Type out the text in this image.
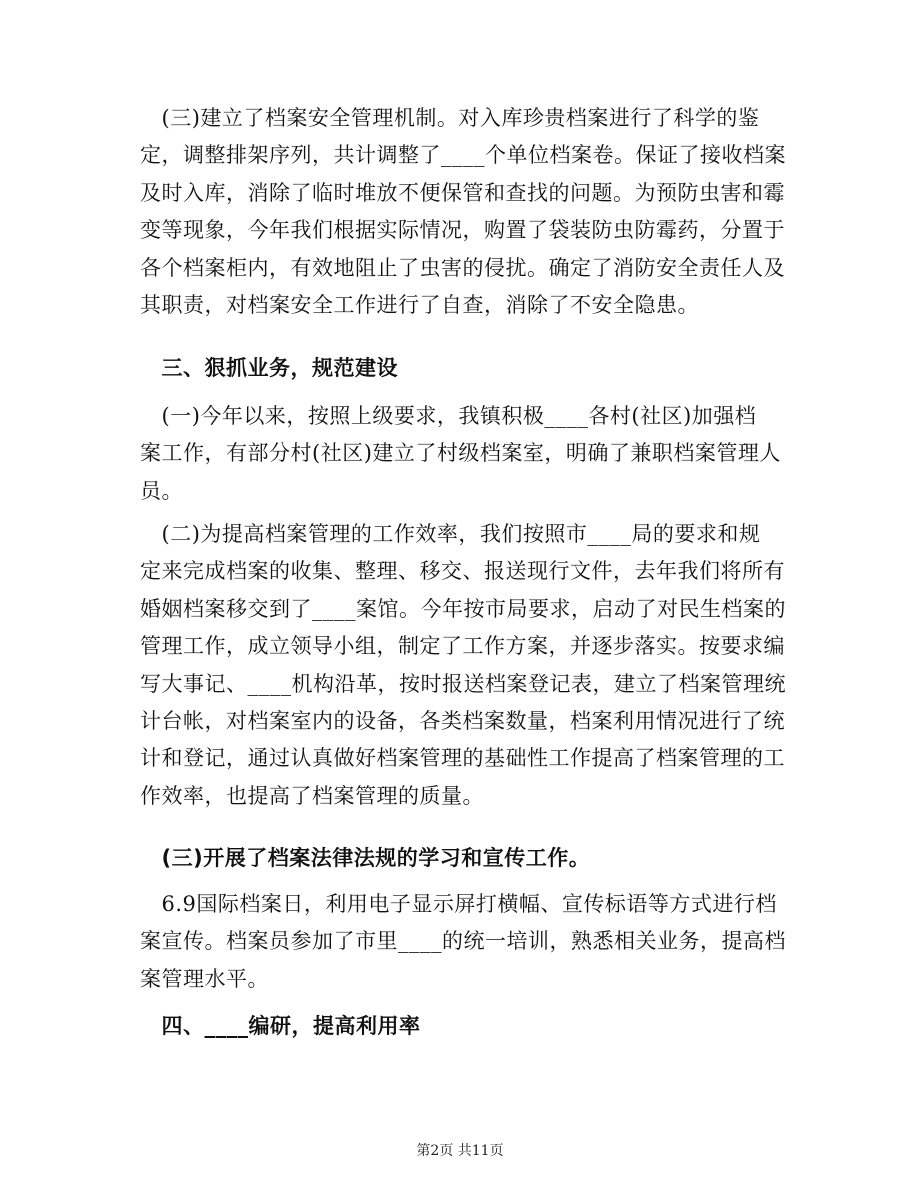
　(三)建立了档案安全管理机制。对入库珍贵档案进行了科学的鉴
定，调整排架序列，共计调整了____个单位档案卷。保证了接收档案
及时入库，消除了临时堆放不便保管和查找的问题。为预防虫害和霉
变等现象，今年我们根据实际情况，购置了袋装防虫防霉药，分置于
各个档案柜内，有效地阻止了虫害的侵扰。确定了消防安全责任人及
其职责，对档案安全工作进行了自查，消除了不安全隐患。
　三、狠抓业务，规范建设
　(一)今年以来，按照上级要求，我镇积极____各村(社区)加强档
案工作，有部分村(社区)建立了村级档案室，明确了兼职档案管理人
员。
　(二)为提高档案管理的工作效率，我们按照市____局的要求和规
定来完成档案的收集、整理、移交、报送现行文件，去年我们将所有
婚姻档案移交到了____案馆。今年按市局要求，启动了对民生档案的
管理工作，成立领导小组，制定了工作方案，并逐步落实。按要求编
写大事记、____机构沿革，按时报送档案登记表，建立了档案管理统
计台帐，对档案室内的设备，各类档案数量，档案利用情况进行了统
计和登记，通过认真做好档案管理的基础性工作提高了档案管理的工
作效率，也提高了档案管理的质量。
　(三)开展了档案法律法规的学习和宣传工作。
　6.9国际档案日，利用电子显示屏打横幅、宣传标语等方式进行档
案宣传。档案员参加了市里____的统一培训，熟悉相关业务，提高档
案管理水平。
　四、____编研，提高利用率
第2页 共11页
